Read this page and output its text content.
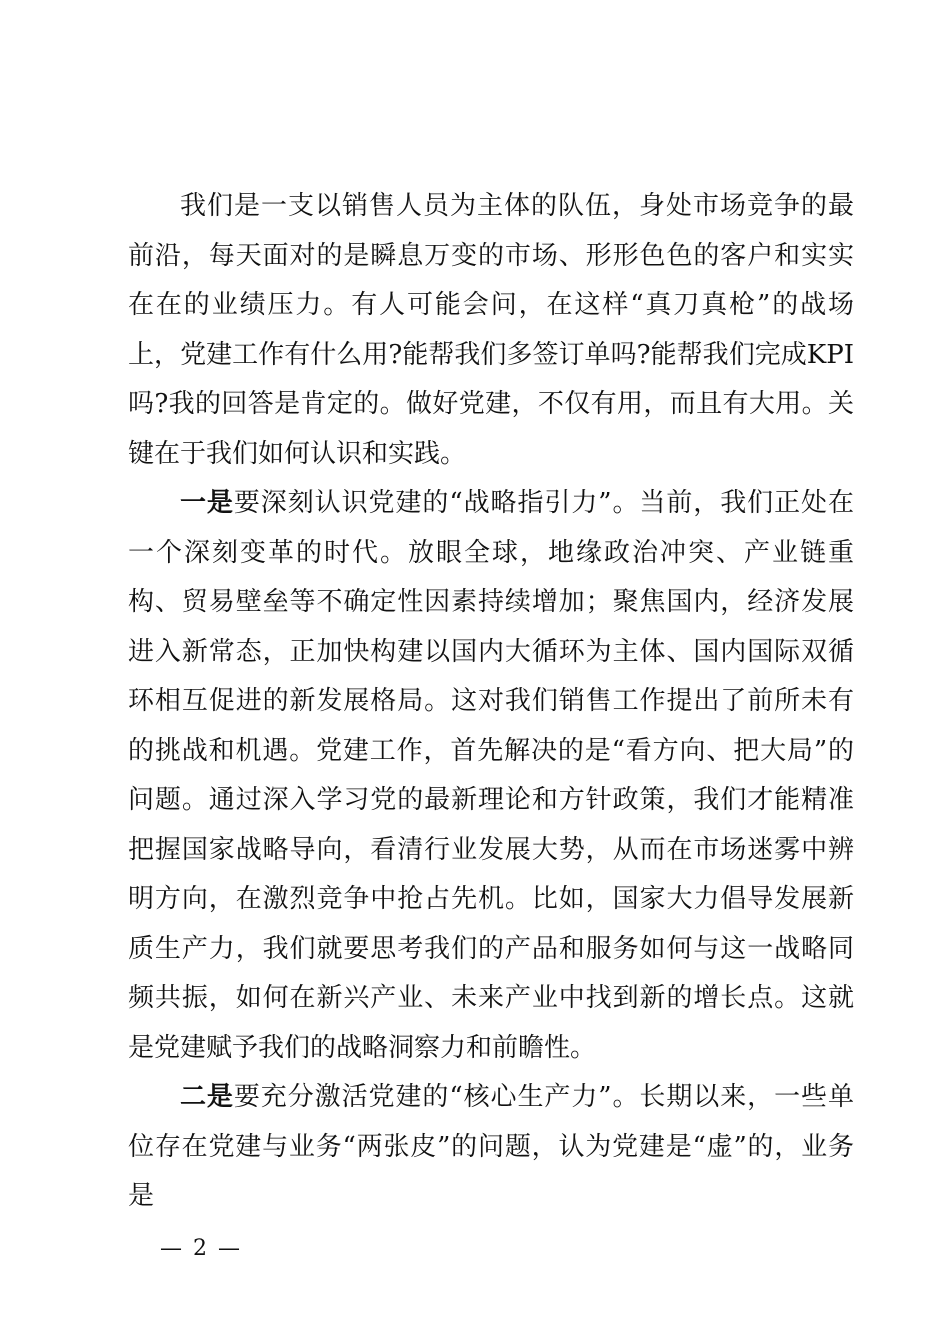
我们是一支以销售人员为主体的队伍，身处市场竞争的最前沿，每天面对的是瞬息万变的市场、形形色色的客户和实实在在的业绩压力。有人可能会问，在这样“真刀真枪”的战场上，党建工作有什么用?能帮我们多签订单吗?能帮我们完成KPI吗?我的回答是肯定的。做好党建，不仅有用，而且有大用。关键在于我们如何认识和实践。

一是要深刻认识党建的“战略指引力”。当前，我们正处在一个深刻变革的时代。放眼全球，地缘政治冲突、产业链重构、贸易壁垒等不确定性因素持续增加；聚焦国内，经济发展进入新常态，正加快构建以国内大循环为主体、国内国际双循环相互促进的新发展格局。这对我们销售工作提出了前所未有的挑战和机遇。党建工作，首先解决的是“看方向、把大局”的问题。通过深入学习党的最新理论和方针政策，我们才能精准把握国家战略导向，看清行业发展大势，从而在市场迷雾中辨明方向，在激烈竞争中抢占先机。比如，国家大力倡导发展新质生产力，我们就要思考我们的产品和服务如何与这一战略同频共振，如何在新兴产业、未来产业中找到新的增长点。这就是党建赋予我们的战略洞察力和前瞻性。

二是要充分激活党建的“核心生产力”。长期以来，一些单位存在党建与业务“两张皮”的问题，认为党建是“虚”的，业务是

— 2 —
